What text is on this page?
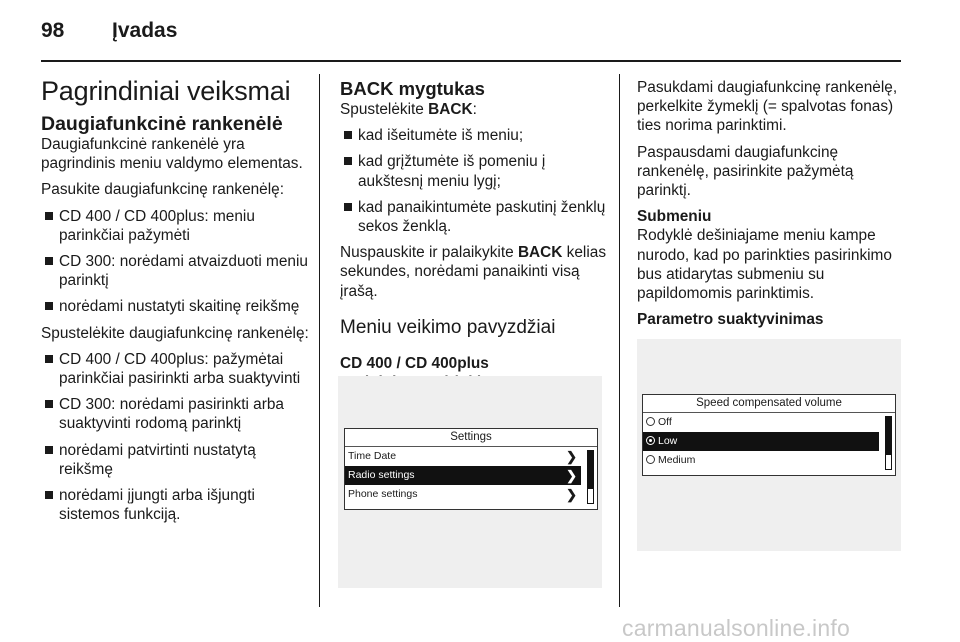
98 Įvadas

Pagrindiniai veiksmai

Daugiafunkcinė rankenėlė

Daugiafunkcinė rankenėlė yra pagrindinis meniu valdymo elementas.

Pasukite daugiafunkcinę rankenėlę:

CD 400 / CD 400plus: meniu parinkčiai pažymėti
CD 300: norėdami atvaizduoti meniu parinktį
norėdami nustatyti skaitinę reikšmę

Spustelėkite daugiafunkcinę rankenėlę:

CD 400 / CD 400plus: pažymėtai parinkčiai pasirinkti arba suaktyvinti
CD 300: norėdami pasirinkti arba suaktyvinti rodomą parinktį
norėdami patvirtinti nustatytą reikšmę
norėdami įjungti arba išjungti sistemos funkciją.

BACK mygtukas

Spustelėkite BACK:

kad išeitumėte iš meniu;
kad grįžtumėte iš pomeniu į aukštesnį meniu lygį;
kad panaikintumėte paskutinį ženklų sekos ženklą.

Nuspauskite ir palaikykite BACK kelias sekundes, norėdami panaikinti visą įrašą.

Meniu veikimo pavyzdžiai

CD 400 / CD 400plus

Settings
Time Date	❯
Radio settings	❯
Phone settings	❯

Pasukdami daugiafunkcinę rankenėlę, perkelkite žymeklį (= spalvotas fonas) ties norima parinktimi.

Paspausdami daugiafunkcinę rankenėlę, pasirinkite pažymėtą parinktį.

Submeniu

Rodyklė dešiniajame meniu kampe nurodo, kad po parinkties pasirinkimo bus atidarytas submeniu su papildomomis parinktimis.

Parametro suaktyvinimas

Speed compensated volume
Off
Low
Medium
carmanualsonline.info
